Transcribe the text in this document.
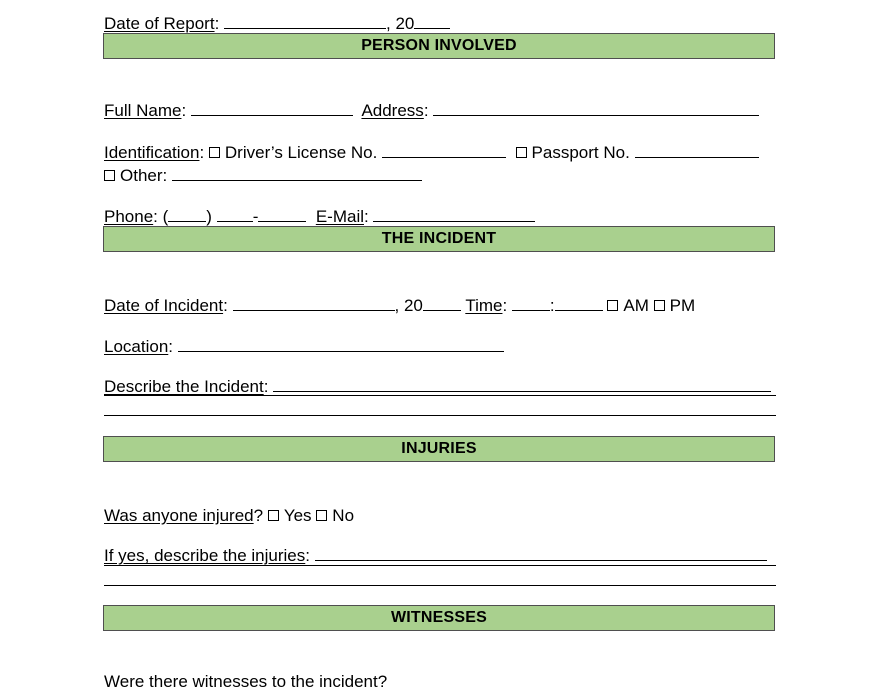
Date of Report:	, 20

PERSON INVOLVED

Full Name:	Address:

Identification: Driver’s License No.	Passport No.

Other:

Phone: ( ) -	E-Mail:

THE INCIDENT

Date of Incident:	, 20 Time: :	AM PM

Location:

Describe the Incident:

INJURIES

Was anyone injured? Yes No

If yes, describe the injuries:

WITNESSES

Were there witnesses to the incident?
